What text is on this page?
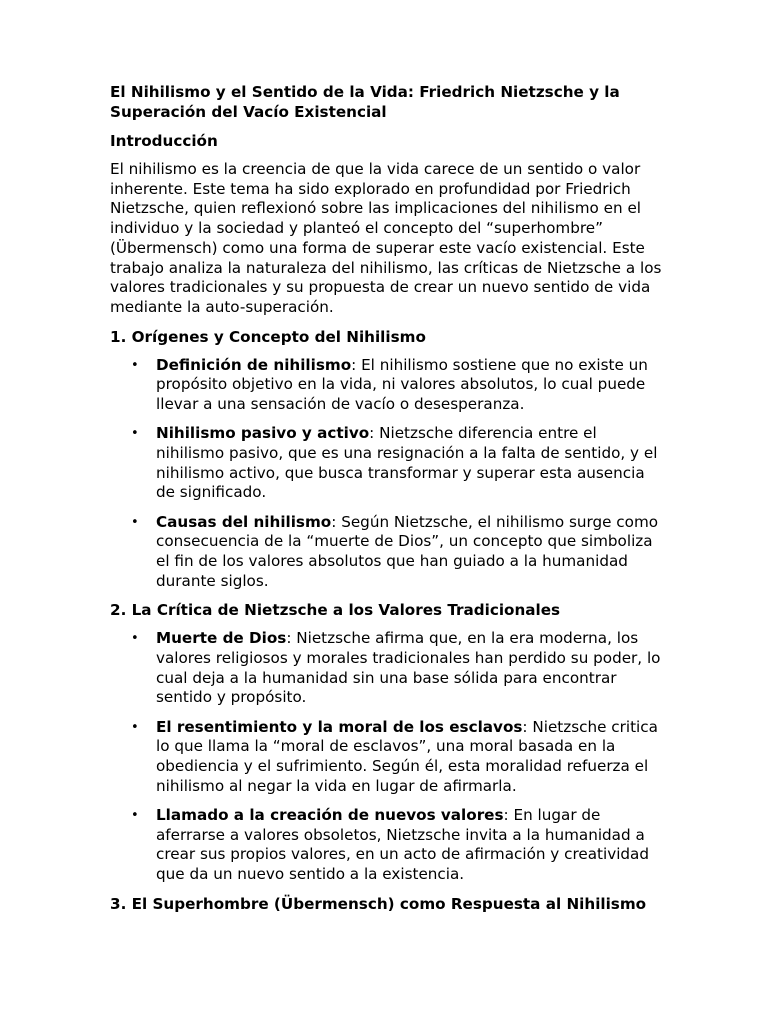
El Nihilismo y el Sentido de la Vida: Friedrich Nietzsche y la Superación del Vacío Existencial
Introducción

El nihilismo es la creencia de que la vida carece de un sentido o valor inherente. Este tema ha sido explorado en profundidad por Friedrich Nietzsche, quien reflexionó sobre las implicaciones del nihilismo en el individuo y la sociedad y planteó el concepto del “superhombre” (Übermensch) como una forma de superar este vacío existencial. Este trabajo analiza la naturaleza del nihilismo, las críticas de Nietzsche a los valores tradicionales y su propuesta de crear un nuevo sentido de vida mediante la auto-superación.

1. Orígenes y Concepto del Nihilismo
• Definición de nihilismo: El nihilismo sostiene que no existe un propósito objetivo en la vida, ni valores absolutos, lo cual puede llevar a una sensación de vacío o desesperanza.
• Nihilismo pasivo y activo: Nietzsche diferencia entre el nihilismo pasivo, que es una resignación a la falta de sentido, y el nihilismo activo, que busca transformar y superar esta ausencia de significado.
• Causas del nihilismo: Según Nietzsche, el nihilismo surge como consecuencia de la “muerte de Dios”, un concepto que simboliza el fin de los valores absolutos que han guiado a la humanidad durante siglos.
2. La Crítica de Nietzsche a los Valores Tradicionales
• Muerte de Dios: Nietzsche afirma que, en la era moderna, los valores religiosos y morales tradicionales han perdido su poder, lo cual deja a la humanidad sin una base sólida para encontrar sentido y propósito.
• El resentimiento y la moral de los esclavos: Nietzsche critica lo que llama la “moral de esclavos”, una moral basada en la obediencia y el sufrimiento. Según él, esta moralidad refuerza el nihilismo al negar la vida en lugar de afirmarla.
• Llamado a la creación de nuevos valores: En lugar de aferrarse a valores obsoletos, Nietzsche invita a la humanidad a crear sus propios valores, en un acto de afirmación y creatividad que da un nuevo sentido a la existencia.
3. El Superhombre (Übermensch) como Respuesta al Nihilismo
